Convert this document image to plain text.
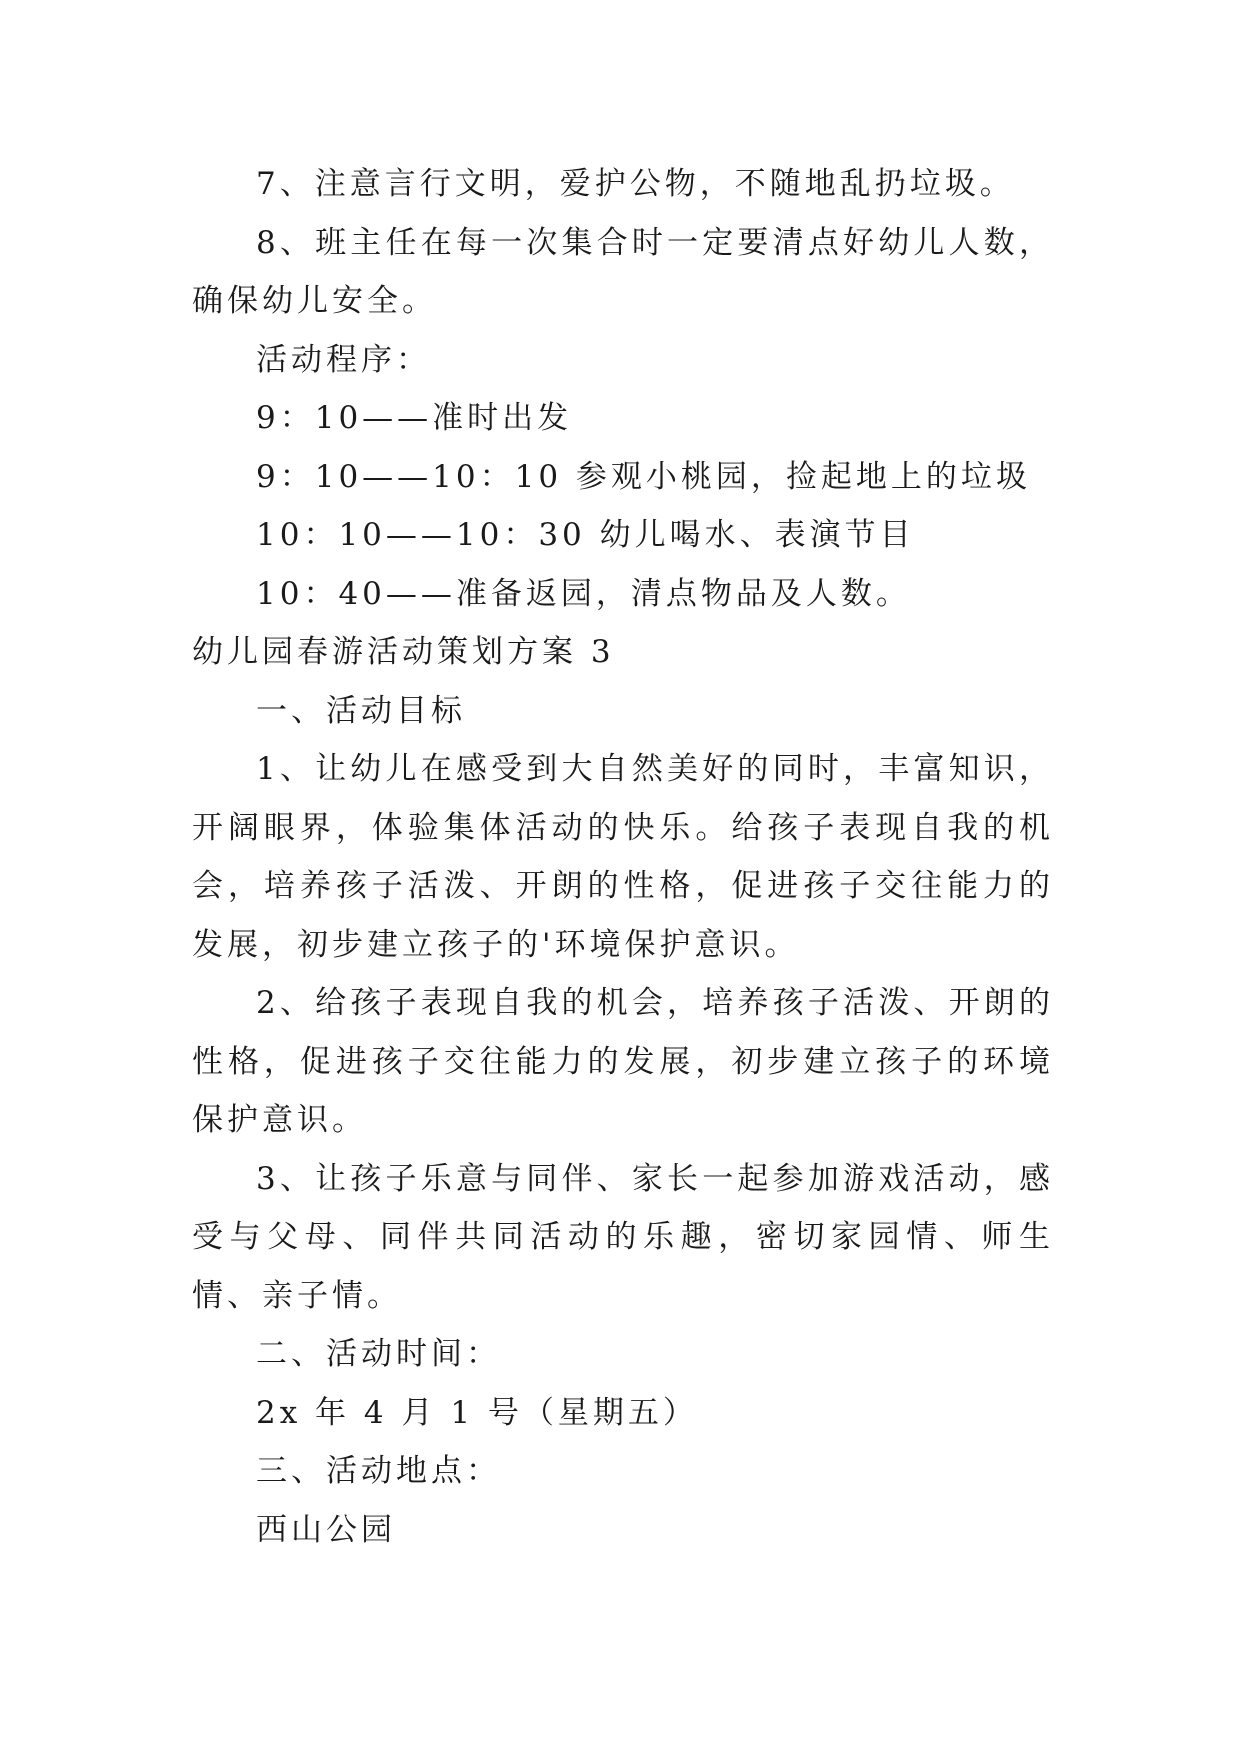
7、注意言行文明，爱护公物，不随地乱扔垃圾。

8、班主任在每一次集合时一定要清点好幼儿人数，确保幼儿安全。

活动程序：

9：10——准时出发

9：10——10：10 参观小桃园，捡起地上的垃圾

10：10——10：30 幼儿喝水、表演节目

10：40——准备返园，清点物品及人数。

幼儿园春游活动策划方案 3

一、活动目标

1、让幼儿在感受到大自然美好的同时，丰富知识，开阔眼界，体验集体活动的快乐。给孩子表现自我的机会，培养孩子活泼、开朗的性格，促进孩子交往能力的发展，初步建立孩子的'环境保护意识。

2、给孩子表现自我的机会，培养孩子活泼、开朗的性格，促进孩子交往能力的发展，初步建立孩子的环境保护意识。

3、让孩子乐意与同伴、家长一起参加游戏活动，感受与父母、同伴共同活动的乐趣，密切家园情、师生情、亲子情。

二、活动时间：

2x 年 4 月 1 号（星期五）

三、活动地点：

西山公园
